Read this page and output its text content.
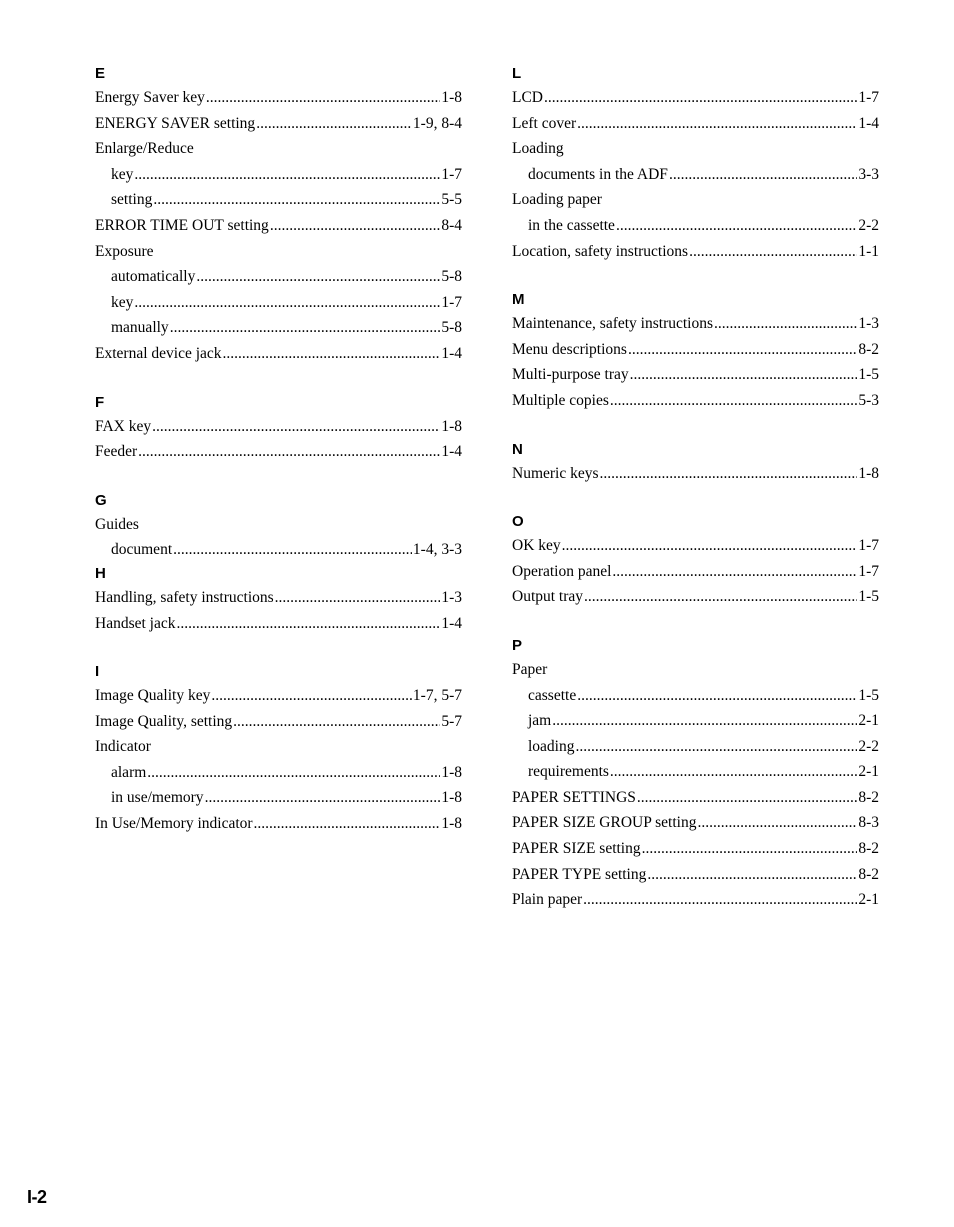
E
Energy Saver key .....	1-8
ENERGY SAVER setting .....	1-9, 8-4
Enlarge/Reduce
key .....	1-7
setting .....	5-5
ERROR TIME OUT setting .....	8-4
Exposure
automatically .....	5-8
key .....	1-7
manually .....	5-8
External device jack .....	1-4
F
FAX key .....	1-8
Feeder .....	1-4
G
Guides
document .....	1-4, 3-3
H
Handling, safety instructions .....	1-3
Handset jack .....	1-4
I
Image Quality key .....	1-7, 5-7
Image Quality, setting .....	5-7
Indicator
alarm .....	1-8
in use/memory .....	1-8
In Use/Memory indicator .....	1-8
L
LCD .....	1-7
Left cover .....	1-4
Loading
documents in the ADF .....	3-3
Loading paper
in the cassette .....	2-2
Location, safety instructions .....	1-1
M
Maintenance, safety instructions .....	1-3
Menu descriptions .....	8-2
Multi-purpose tray .....	1-5
Multiple copies .....	5-3
N
Numeric keys .....	1-8
O
OK key .....	1-7
Operation panel .....	1-7
Output tray .....	1-5
P
Paper
cassette .....	1-5
jam .....	2-1
loading .....	2-2
requirements .....	2-1
PAPER SETTINGS .....	8-2
PAPER SIZE GROUP setting .....	8-3
PAPER SIZE setting .....	8-2
PAPER TYPE setting .....	8-2
Plain paper .....	2-1
I-2
